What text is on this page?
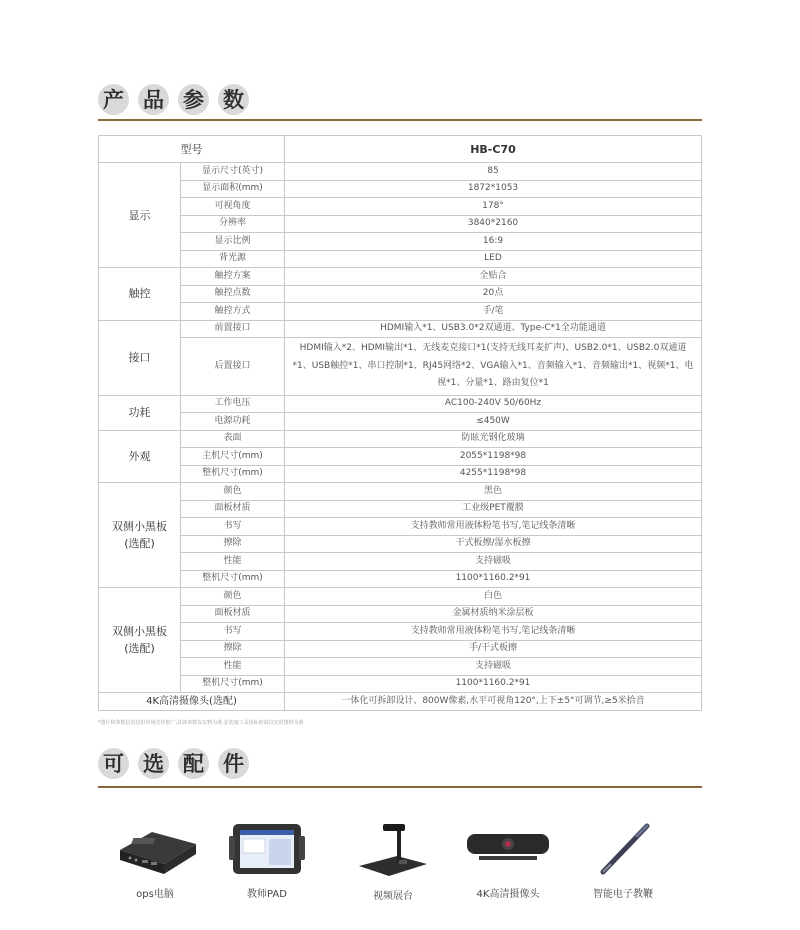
产 品 参 数
型号		HB-C70
显示	显示尺寸(英寸)	85
	显示面积(mm)	1872*1053
	可视角度	178°
	分辨率	3840*2160
	显示比例	16:9
	背光源	LED
触控	触控方案	全贴合
	触控点数	20点
	触控方式	手/笔
接口	前置接口	HDMI输入*1、USB3.0*2双通道、Type-C*1全功能通道
	后置接口	HDMI输入*2、HDMI输出*1、无线麦克接口*1(支持无线耳麦扩声)、USB2.0*1、USB2.0双通道*1、USB触控*1、串口控制*1、RJ45网络*2、VGA输入*1、音频输入*1、音频输出*1、视频*1、电视*1、分量*1、路由复位*1
功耗	工作电压	AC100-240V 50/60Hz
	电源功耗	≤450W
外观	表面	防眩光钢化玻璃
	主机尺寸(mm)	2055*1198*98
	整机尺寸(mm)	4255*1198*98

双侧小黑板
(选配)	颜色	黑色
	面板材质	工业级PET覆膜
	书写	支持教师常用液体粉笔书写,笔记线条清晰
	擦除	干式板擦/湿水板擦
	性能	支持磁吸
	整机尺寸(mm)	1100*1160.2*91

双侧小黑板
(选配)	颜色	白色
	面板材质	金属材质纳米涂层板
	书写	支持教师常用液体粉笔书写,笔记线条清晰
	擦除	手/干式板擦
	性能	支持磁吸
	整机尺寸(mm)	1100*1160.2*91
4K高清摄像头(选配)		一体化可拆卸设计、800W像素,水平可视角120°,上下±5°可调节,≥5米拾音
*图片和参数信息仅供市场宣传推广,具体参数以实物为准,安装施工及投标时请以实时图纸为准
可 选 配 件
ops电脑	教师PAD	视频展台	4K高清摄像头	智能电子教鞭
